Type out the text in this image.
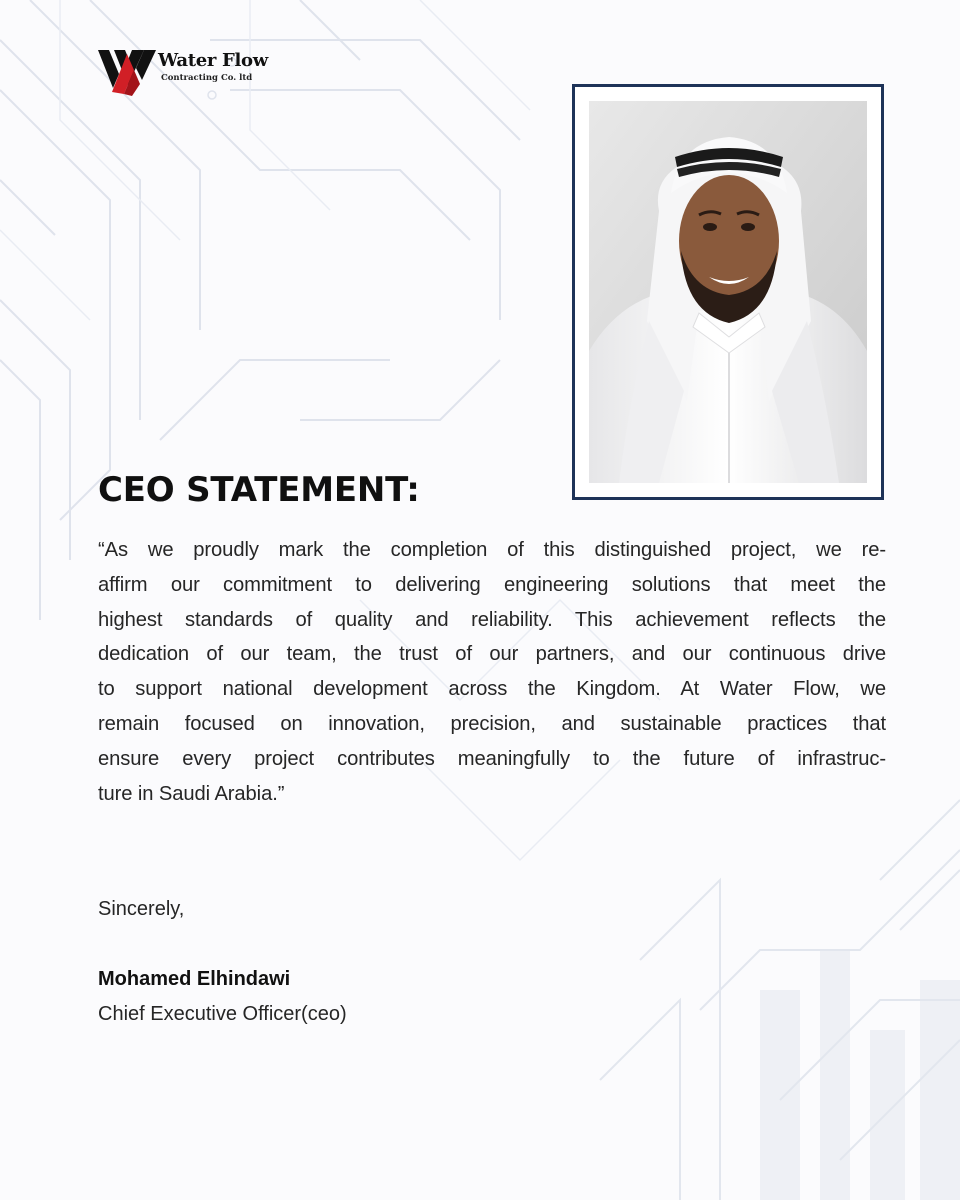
Water Flow
Contracting Co. ltd
CEO STATEMENT:
“As we proudly mark the completion of this distinguished project, we re-
affirm our commitment to delivering engineering solutions that meet the
highest standards of quality and reliability. This achievement reflects the
dedication of our team, the trust of our partners, and our continuous drive
to support national development across the Kingdom. At Water Flow, we
remain focused on innovation, precision, and sustainable practices that
ensure every project contributes meaningfully to the future of infrastruc-
ture in Saudi Arabia.”
Sincerely,
Mohamed Elhindawi
Chief Executive Officer(ceo)
